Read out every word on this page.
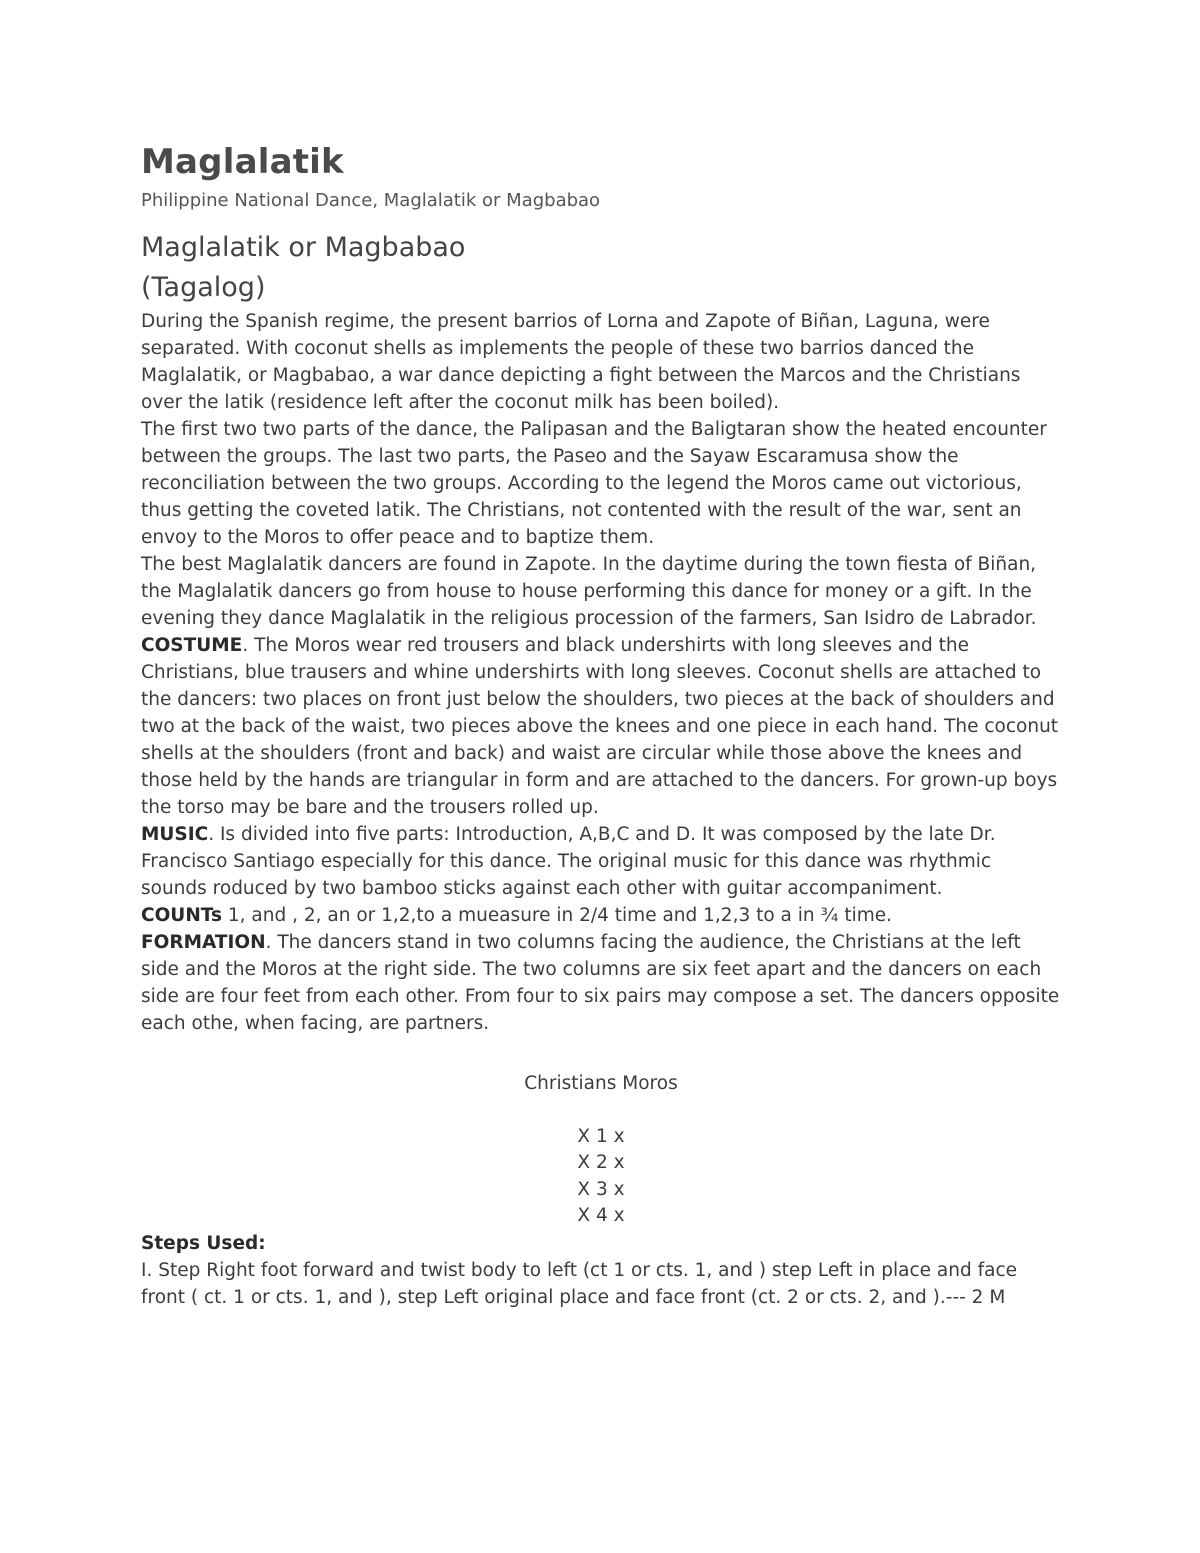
Maglalatik

Philippine National Dance, Maglalatik or Magbabao

Maglalatik or Magbabao
(Tagalog)

During the Spanish regime, the present barrios of Lorna and Zapote of Biñan, Laguna, were separated. With coconut shells as implements the people of these two barrios danced the Maglalatik, or Magbabao, a war dance depicting a fight between the Marcos and the Christians over the latik (residence left after the coconut milk has been boiled).

The first two two parts of the dance, the Palipasan and the Baligtaran show the heated encounter between the groups. The last two parts, the Paseo and the Sayaw Escaramusa show the reconciliation between the two groups. According to the legend the Moros came out victorious, thus getting the coveted latik. The Christians, not contented with the result of the war, sent an envoy to the Moros to offer peace and to baptize them.

The best Maglalatik dancers are found in Zapote. In the daytime during the town fiesta of Biñan, the Maglalatik dancers go from house to house performing this dance for money or a gift. In the evening they dance Maglalatik in the religious procession of the farmers, San Isidro de Labrador.

COSTUME. The Moros wear red trousers and black undershirts with long sleeves and the Christians, blue trausers and whine undershirts with long sleeves. Coconut shells are attached to the dancers: two places on front just below the shoulders, two pieces at the back of shoulders and two at the back of the waist, two pieces above the knees and one piece in each hand. The coconut shells at the shoulders (front and back) and waist are circular while those above the knees and those held by the hands are triangular in form and are attached to the dancers. For grown-up boys the torso may be bare and the trousers rolled up.

MUSIC. Is divided into five parts: Introduction, A,B,C and D. It was composed by the late Dr. Francisco Santiago especially for this dance. The original music for this dance was rhythmic sounds roduced by two bamboo sticks against each other with guitar accompaniment.

COUNTs 1, and , 2, an or 1,2,to a mueasure in 2/4 time and 1,2,3 to a in ¾ time.

FORMATION. The dancers stand in two columns facing the audience, the Christians at the left side and the Moros at the right side. The two columns are six feet apart and the dancers on each side are four feet from each other. From four to six pairs may compose a set. The dancers opposite each othe, when facing, are partners.

Christians Moros
X 1 x
X 2 x
X 3 x
X 4 x
Steps Used:

I. Step Right foot forward and twist body to left (ct 1 or cts. 1, and ) step Left in place and face front ( ct. 1 or cts. 1, and ), step Left original place and face front (ct. 2 or cts. 2, and ).--- 2 M
